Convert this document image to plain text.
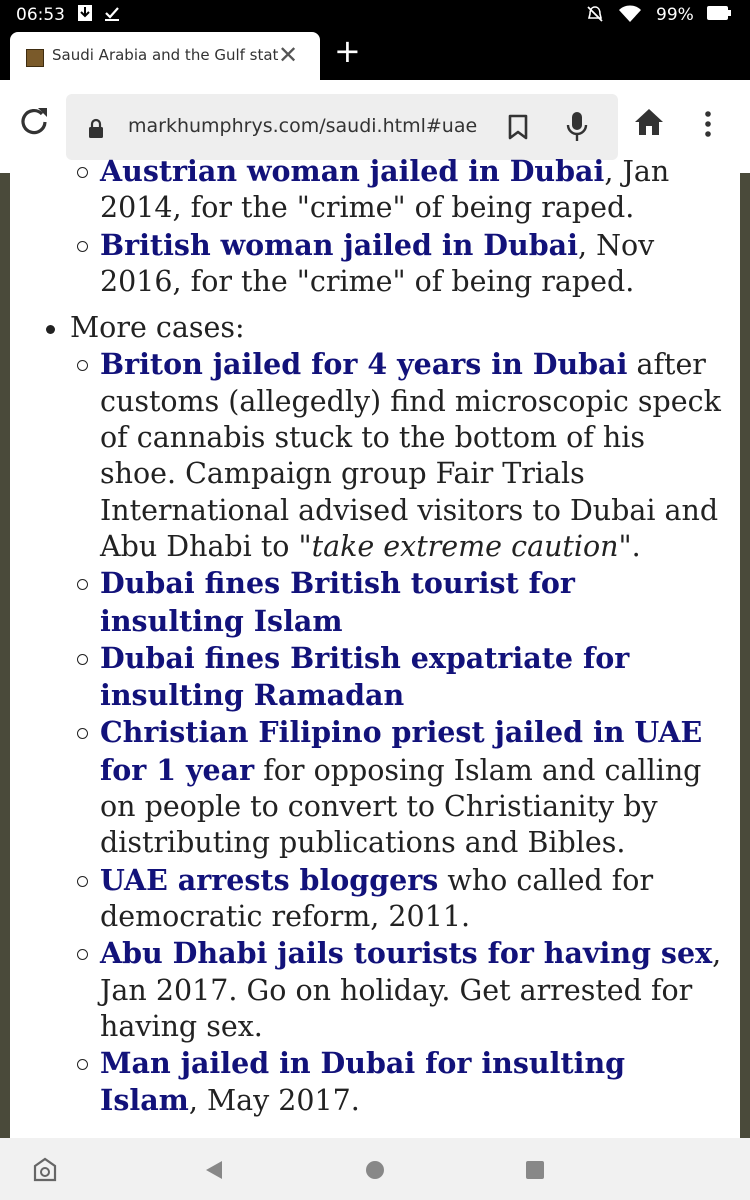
06:53	99%
Saudi Arabia and the Gulf stat ✕ +
markhumphrys.com/saudi.html#uae
Austrian woman jailed in Dubai, Jan 2014, for the "crime" of being raped.
British woman jailed in Dubai, Nov 2016, for the "crime" of being raped.
More cases:
Briton jailed for 4 years in Dubai after customs (allegedly) find microscopic speck of cannabis stuck to the bottom of his shoe. Campaign group Fair Trials International advised visitors to Dubai and Abu Dhabi to "take extreme caution".
Dubai fines British tourist for insulting Islam
Dubai fines British expatriate for insulting Ramadan
Christian Filipino priest jailed in UAE for 1 year for opposing Islam and calling on people to convert to Christianity by distributing publications and Bibles.
UAE arrests bloggers who called for democratic reform, 2011.
Abu Dhabi jails tourists for having sex, Jan 2017. Go on holiday. Get arrested for having sex.
Man jailed in Dubai for insulting Islam, May 2017.
